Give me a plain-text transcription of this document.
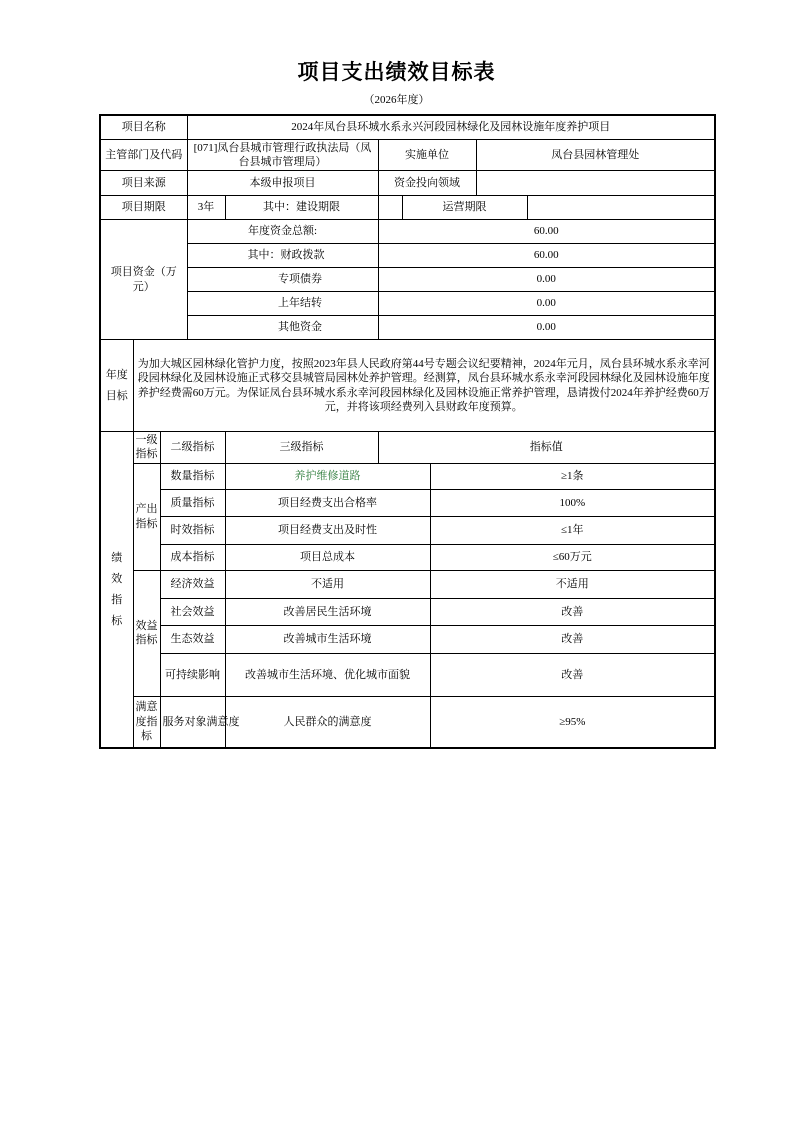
项目支出绩效目标表
（2026年度）
项目名称			2024年凤台县环城水系永兴河段园林绿化及园林设施年度养护项目						
主管部门及代码			[071]凤台县城市管理行政执法局（凤台县城市管理局）		实施单位			凤台县园林管理处	
项目来源			本级申报项目		资金投向领域				
项目期限			3年	其中：建设期限		运营期限			
项目资金（万元）			年度资金总额:		60.00				
			其中：财政拨款		60.00				
			专项债券		0.00				
			上年结转		0.00				
			其他资金		0.00				

年度目标	为加大城区园林绿化管护力度，按照2023年县人民政府第44号专题会议纪要精神，2024年元月，凤台县环城水系永幸河段园林绿化及园林设施正式移交县城管局园林处养护管理。经测算，凤台县环城水系永幸河段园林绿化及园林设施年度养护经费需60万元。为保证凤台县环城水系永幸河段园林绿化及园林设施正常养护管理，恳请拨付2024年养护经费60万元，并将该项经费列入县财政年度预算。								

绩效指标	一级指标	二级指标		三级指标	指标值				
	产出指标	数量指标		养护维修道路			≥1条		
		质量指标		项目经费支出合格率			100%		
		时效指标		项目经费支出及时性			≤1年		
		成本指标		项目总成本			≤60万元		
	效益指标	经济效益		不适用			不适用		
		社会效益		改善居民生活环境			改善		
		生态效益		改善城市生活环境			改善		
		可持续影响		改善城市生活环境、优化城市面貌			改善		
	满意度指标	服务对象满意度		人民群众的满意度			≥95%		
